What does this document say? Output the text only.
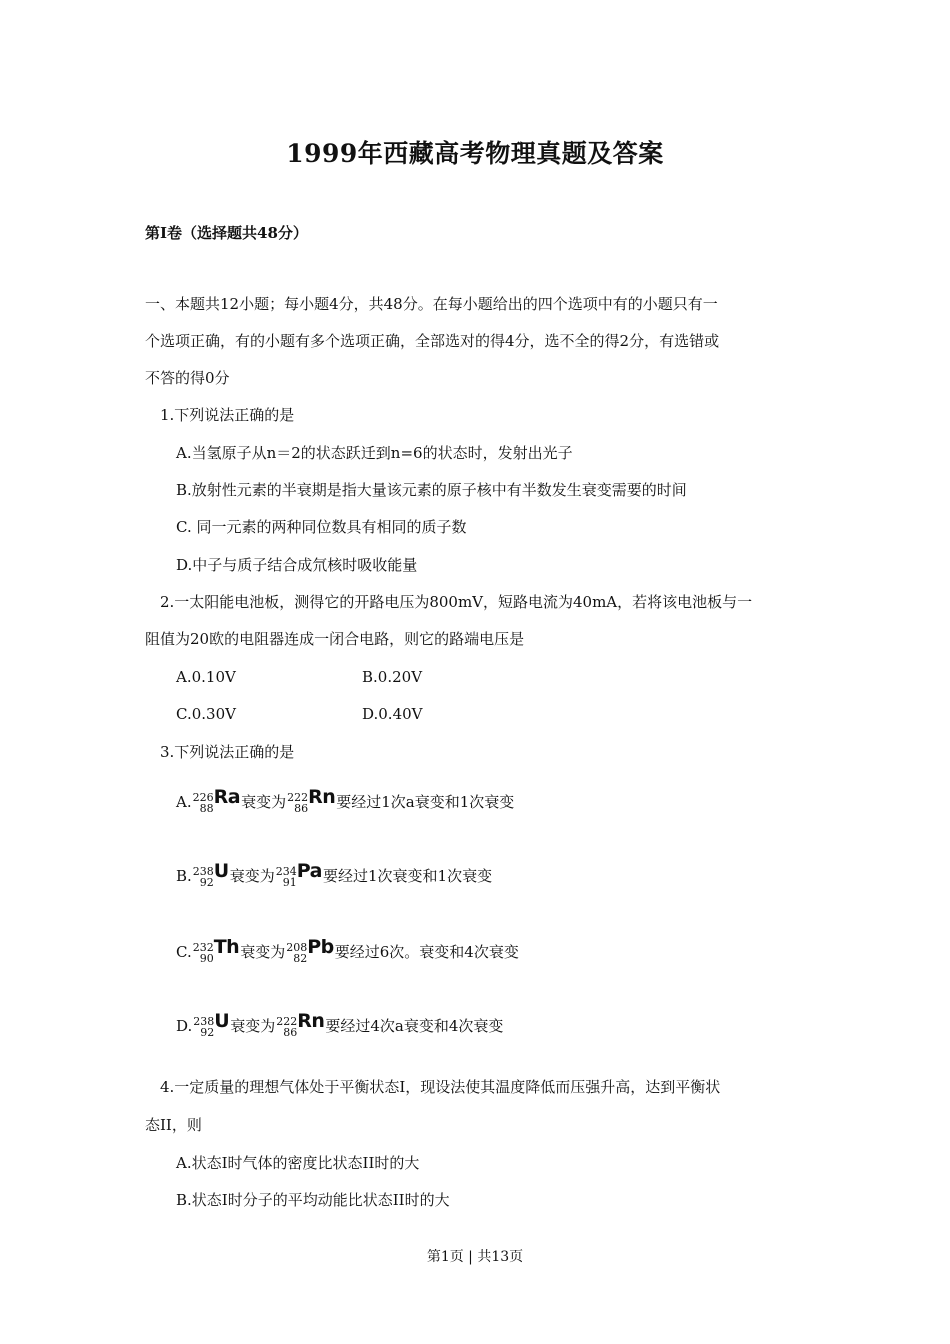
1999年西藏高考物理真题及答案
第I卷（选择题共48分）
一、本题共12小题；每小题4分，共48分。在每小题给出的四个选项中有的小题只有一
个选项正确，有的小题有多个选项正确，全部选对的得4分，选不全的得2分，有选错或
不答的得0分
1.下列说法正确的是
A.当氢原子从n＝2的状态跃迁到n=6的状态时，发射出光子
B.放射性元素的半衰期是指大量该元素的原子核中有半数发生衰变需要的时间
C. 同一元素的两种同位数具有相同的质子数
D.中子与质子结合成氘核时吸收能量
2.一太阳能电池板，测得它的开路电压为800mV，短路电流为40mA，若将该电池板与一
阻值为20欧的电阻器连成一闭合电路，则它的路端电压是
A.0.10V	B.0.20V
C.0.30V	D.0.40V
3.下列说法正确的是
A.226
88Ra衰变为222
86Rn要经过1次a衰变和1次衰变
B.238
92U衰变为234
91Pa要经过1次衰变和1次衰变
C.232
90Th衰变为208
82Pb要经过6次。衰变和4次衰变
D.238
92U衰变为222
86Rn要经过4次a衰变和4次衰变
4.一定质量的理想气体处于平衡状态I，现设法使其温度降低而压强升高，达到平衡状
态II，则
A.状态I时气体的密度比状态II时的大
B.状态I时分子的平均动能比状态II时的大
第1页 | 共13页
